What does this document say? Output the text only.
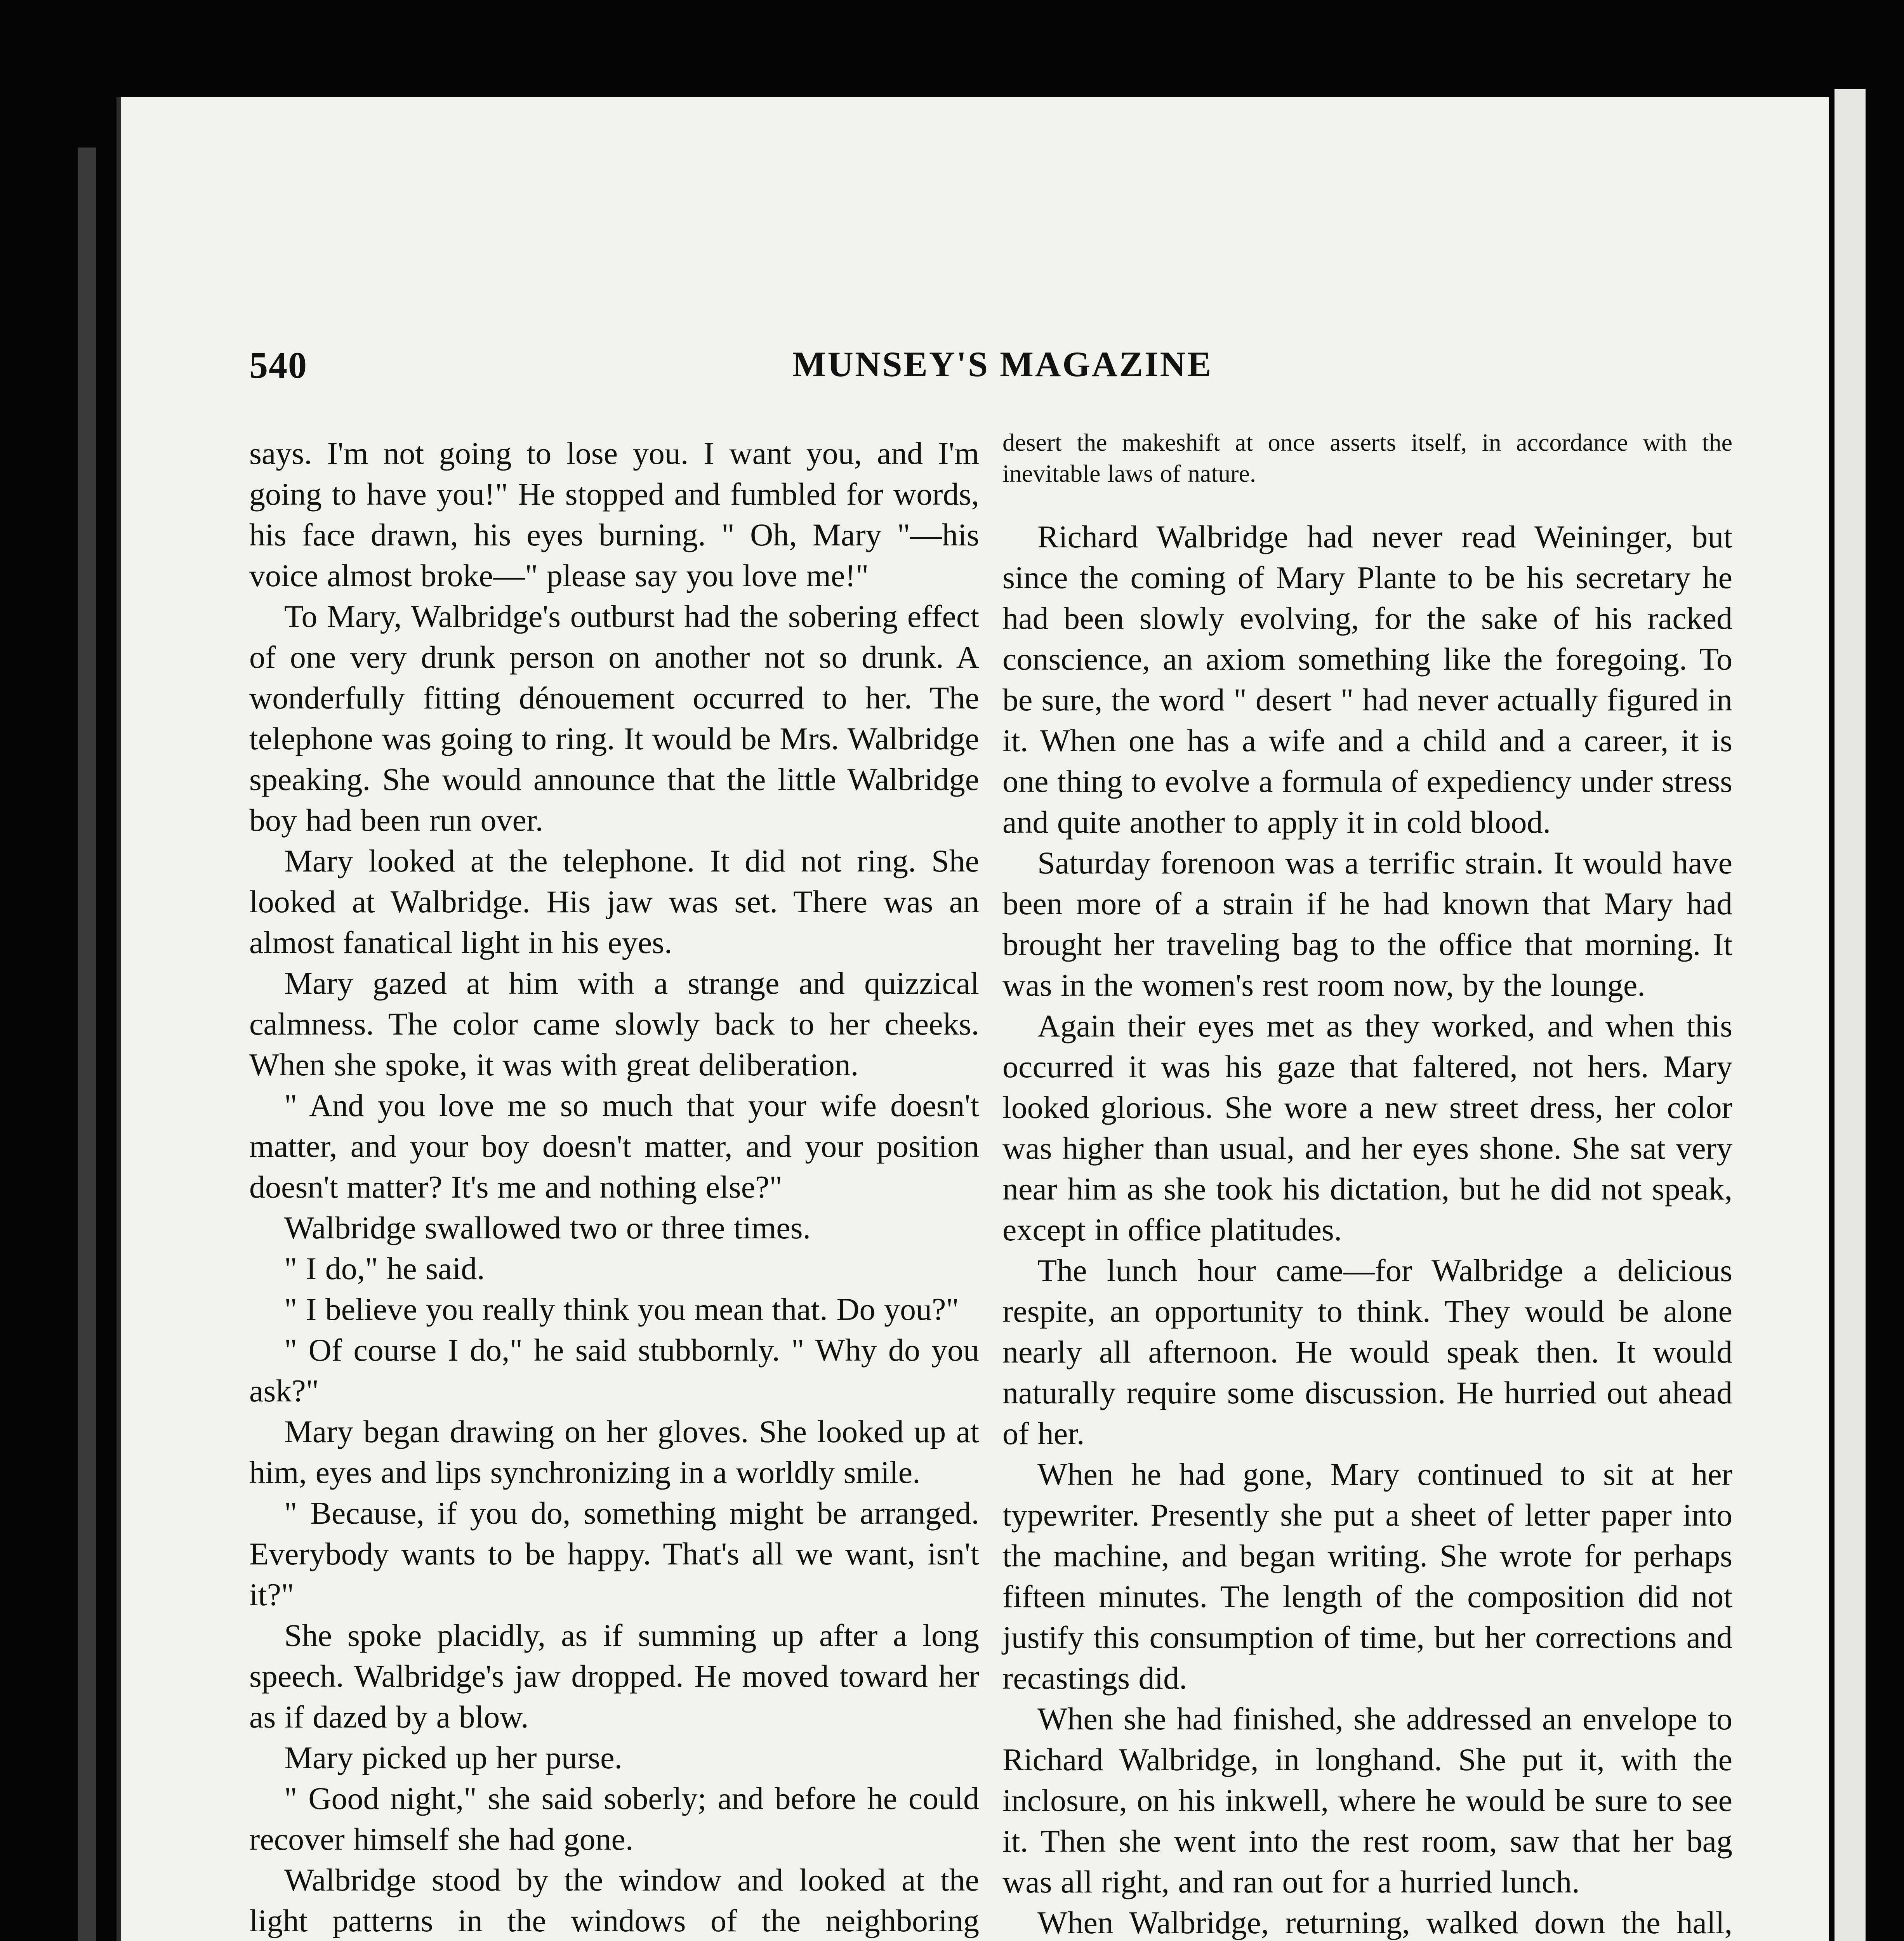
540	MUNSEY'S MAGAZINE

says. I'm not going to lose you. I want you, and I'm going to have you!" He stopped and fumbled for words, his face drawn, his eyes burning. " Oh, Mary "—his voice almost broke—" please say you love me!"

To Mary, Walbridge's outburst had the sobering effect of one very drunk person on another not so drunk. A wonderfully fitting dénouement occurred to her. The telephone was going to ring. It would be Mrs. Walbridge speaking. She would announce that the little Walbridge boy had been run over.

Mary looked at the telephone. It did not ring. She looked at Walbridge. His jaw was set. There was an almost fanatical light in his eyes.

Mary gazed at him with a strange and quizzical calmness. The color came slowly back to her cheeks. When she spoke, it was with great deliberation.

" And you love me so much that your wife doesn't matter, and your boy doesn't matter, and your position doesn't matter? It's me and nothing else?"

Walbridge swallowed two or three times.

" I do," he said.

" I believe you really think you mean that. Do you?"

" Of course I do," he said stubbornly. " Why do you ask?"

Mary began drawing on her gloves. She looked up at him, eyes and lips synchronizing in a worldly smile.

" Because, if you do, something might be arranged. Everybody wants to be happy. That's all we want, isn't it?"

She spoke placidly, as if summing up after a long speech. Walbridge's jaw dropped. He moved toward her as if dazed by a blow.

Mary picked up her purse.

" Good night," she said soberly; and before he could recover himself she had gone.

Walbridge stood by the window and looked at the light patterns in the windows of the neighboring

desert the makeshift at once asserts itself, in accordance with the inevitable laws of nature.

Richard Walbridge had never read Weininger, but since the coming of Mary Plante to be his secretary he had been slowly evolving, for the sake of his racked conscience, an axiom something like the foregoing. To be sure, the word " desert " had never actually figured in it. When one has a wife and a child and a career, it is one thing to evolve a formula of expediency under stress and quite another to apply it in cold blood.

Saturday forenoon was a terrific strain. It would have been more of a strain if he had known that Mary had brought her traveling bag to the office that morning. It was in the women's rest room now, by the lounge.

Again their eyes met as they worked, and when this occurred it was his gaze that faltered, not hers. Mary looked glorious. She wore a new street dress, her color was higher than usual, and her eyes shone. She sat very near him as she took his dictation, but he did not speak, except in office platitudes.

The lunch hour came—for Walbridge a delicious respite, an opportunity to think. They would be alone nearly all afternoon. He would speak then. It would naturally require some discussion. He hurried out ahead of her.

When he had gone, Mary continued to sit at her typewriter. Presently she put a sheet of letter paper into the machine, and began writing. She wrote for perhaps fifteen minutes. The length of the composition did not justify this consumption of time, but her corrections and recastings did.

When she had finished, she addressed an envelope to Richard Walbridge, in longhand. She put it, with the inclosure, on his inkwell, where he would be sure to see it. Then she went into the rest room, saw that her bag was all right, and ran out for a hurried lunch.

When Walbridge, returning, walked down the hall,
